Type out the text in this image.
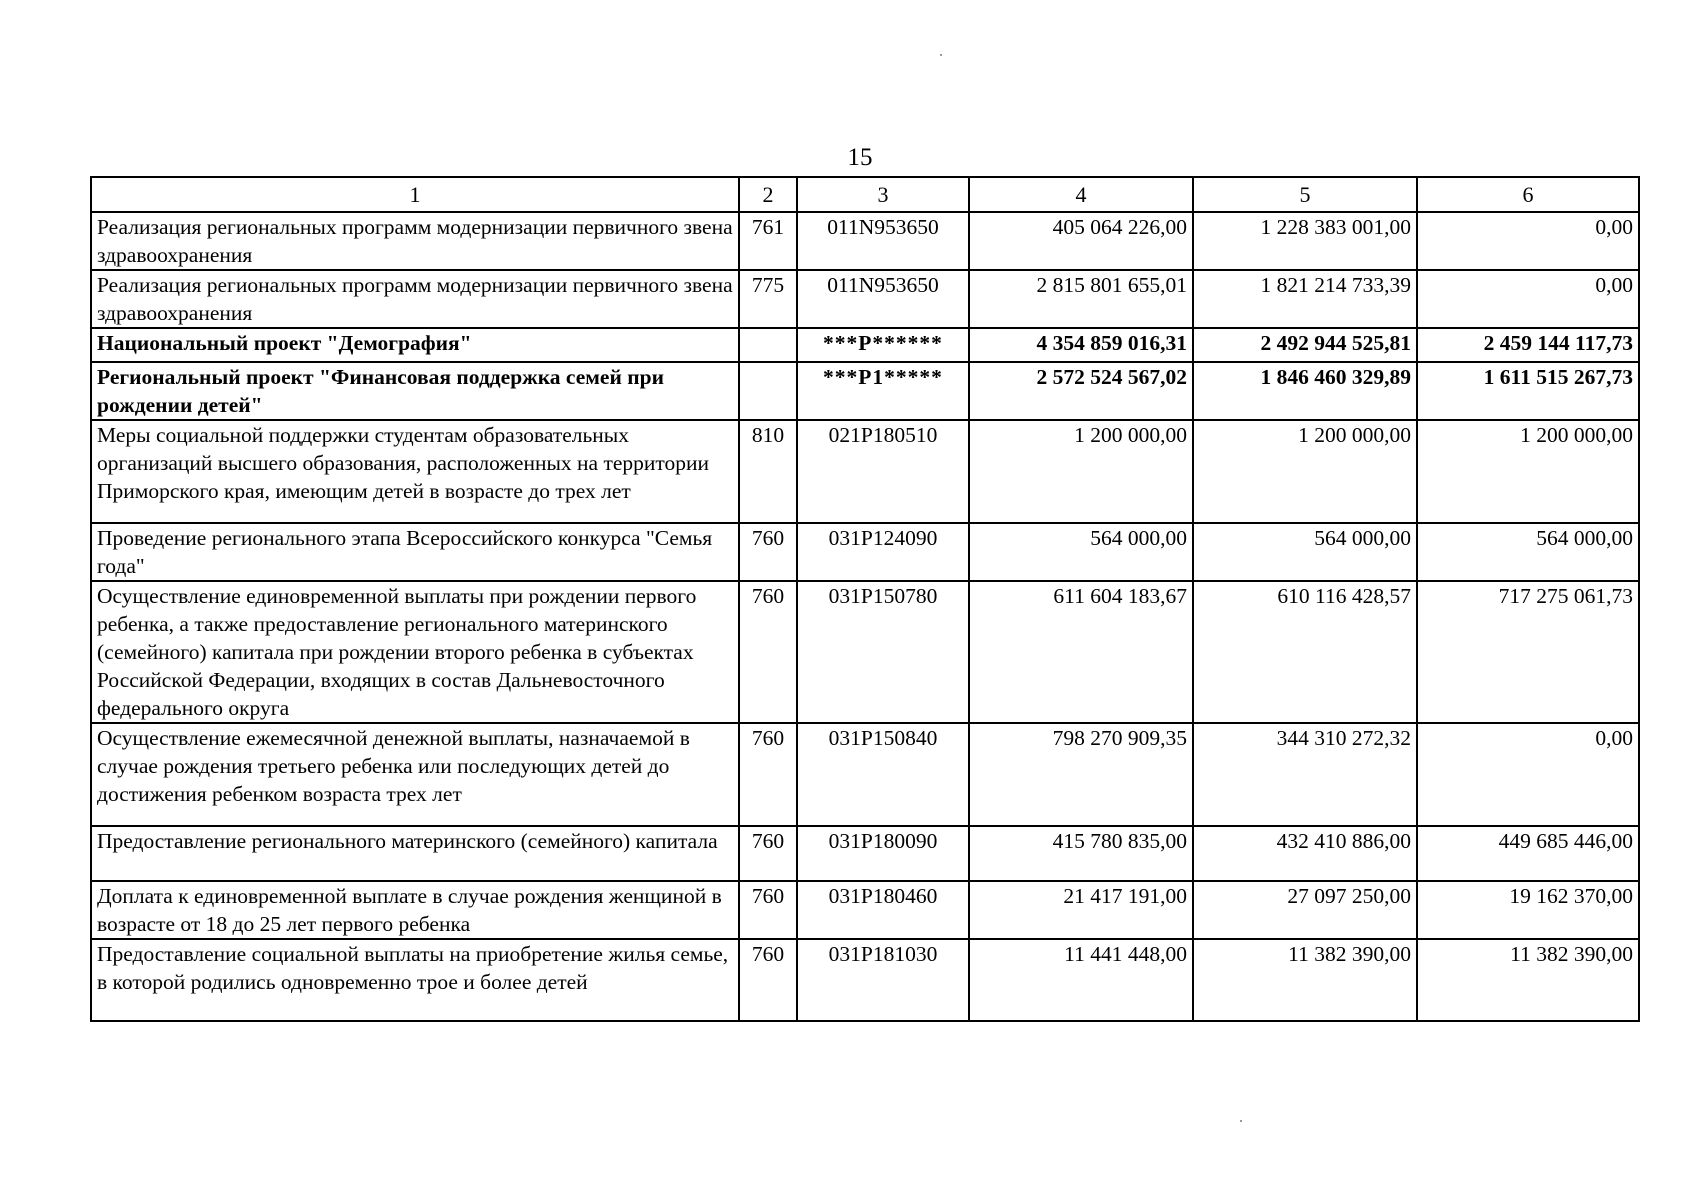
15
1	2	3	4	5	6
Реализация региональных программ модернизации первичного звена здравоохранения	761	011N953650	405 064 226,00	1 228 383 001,00	0,00
Реализация региональных программ модернизации первичного звена здравоохранения	775	011N953650	2 815 801 655,01	1 821 214 733,39	0,00
Национальный проект "Демография"		***P******	4 354 859 016,31	2 492 944 525,81	2 459 144 117,73
Региональный проект "Финансовая поддержка семей при рождении детей"		***P1*****	2 572 524 567,02	1 846 460 329,89	1 611 515 267,73
Меры социальной поддержки студентам образовательных организаций высшего образования, расположенных на территории Приморского края, имеющим детей в возрасте до трех лет	810	021P180510	1 200 000,00	1 200 000,00	1 200 000,00
Проведение регионального этапа Всероссийского конкурса "Семья года"	760	031P124090	564 000,00	564 000,00	564 000,00
Осуществление единовременной выплаты при рождении первого ребенка, а также предоставление регионального материнского (семейного) капитала при рождении второго ребенка в субъектах Российской Федерации, входящих в состав Дальневосточного федерального округа	760	031P150780	611 604 183,67	610 116 428,57	717 275 061,73
Осуществление ежемесячной денежной выплаты, назначаемой в случае рождения третьего ребенка или последующих детей до достижения ребенком возраста трех лет	760	031P150840	798 270 909,35	344 310 272,32	0,00
Предоставление регионального материнского (семейного) капитала	760	031P180090	415 780 835,00	432 410 886,00	449 685 446,00
Доплата к единовременной выплате в случае рождения женщиной в возрасте от 18 до 25 лет первого ребенка	760	031P180460	21 417 191,00	27 097 250,00	19 162 370,00
Предоставление социальной выплаты на приобретение жилья семье, в которой родились одновременно трое и более детей	760	031P181030	11 441 448,00	11 382 390,00	11 382 390,00
